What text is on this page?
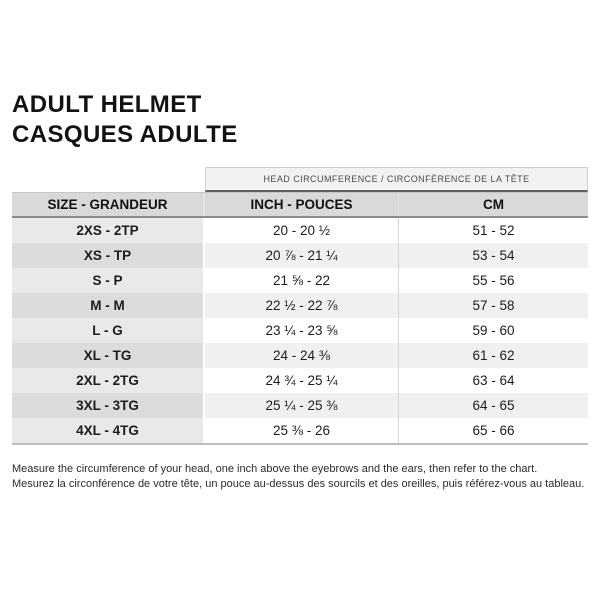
ADULT HELMET
CASQUES ADULTE
HEAD CIRCUMFERENCE / CIRCONFÉRENCE DE LA TÊTE
SIZE - GRANDEUR	INCH - POUCES	CM
2XS - 2TP	20 - 20 ½	51 - 52
XS - TP	20 ⅞ - 21 ¼	53 - 54
S - P	21 ⅝ - 22	55 - 56
M - M	22 ½ - 22 ⅞	57 - 58
L - G	23 ¼ - 23 ⅝	59 - 60
XL - TG	24 - 24 ⅜	61 - 62
2XL - 2TG	24 ¾ - 25 ¼	63 - 64
3XL - 3TG	25 ¼ - 25 ⅜	64 - 65
4XL - 4TG	25 ⅜ - 26	65 - 66

Measure the circumference of your head, one inch above the eyebrows and the ears, then refer to the chart.
Mesurez la circonférence de votre tête, un pouce au-dessus des sourcils et des oreilles, puis référez-vous au tableau.
